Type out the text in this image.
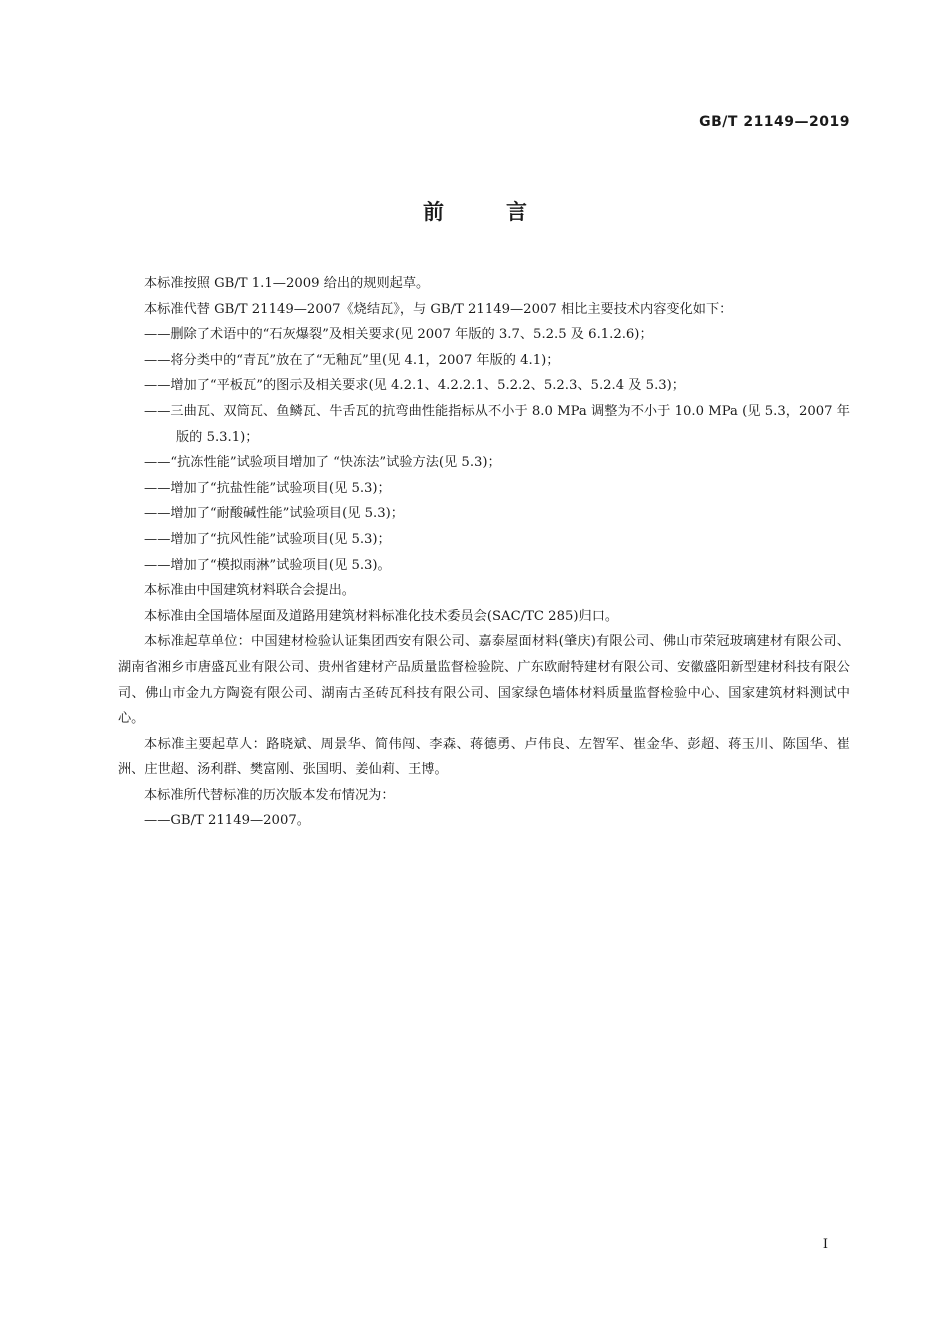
GB/T 21149—2019
前	言

本标准按照 GB/T 1.1—2009 给出的规则起草。

本标准代替 GB/T 21149—2007《烧结瓦》，与 GB/T 21149—2007 相比主要技术内容变化如下：

——删除了术语中的“石灰爆裂”及相关要求(见 2007 年版的 3.7、5.2.5 及 6.1.2.6)；

——将分类中的“青瓦”放在了“无釉瓦”里(见 4.1，2007 年版的 4.1)；

——增加了“平板瓦”的图示及相关要求(见 4.2.1、4.2.2.1、5.2.2、5.2.3、5.2.4 及 5.3)；

——三曲瓦、双筒瓦、鱼鳞瓦、牛舌瓦的抗弯曲性能指标从不小于 8.0 MPa 调整为不小于 10.0 MPa (见 5.3，2007 年版的 5.3.1)；

——“抗冻性能”试验项目增加了 “快冻法”试验方法(见 5.3)；

——增加了“抗盐性能”试验项目(见 5.3)；

——增加了“耐酸碱性能”试验项目(见 5.3)；

——增加了“抗风性能”试验项目(见 5.3)；

——增加了“模拟雨淋”试验项目(见 5.3)。

本标准由中国建筑材料联合会提出。

本标准由全国墙体屋面及道路用建筑材料标准化技术委员会(SAC/TC 285)归口。

本标准起草单位：中国建材检验认证集团西安有限公司、嘉泰屋面材料(肇庆)有限公司、佛山市荣冠玻璃建材有限公司、湖南省湘乡市唐盛瓦业有限公司、贵州省建材产品质量监督检验院、广东欧耐特建材有限公司、安徽盛阳新型建材科技有限公司、佛山市金九方陶瓷有限公司、湖南古圣砖瓦科技有限公司、国家绿色墙体材料质量监督检验中心、国家建筑材料测试中心。

本标准主要起草人：路晓斌、周景华、简伟闯、李森、蒋德勇、卢伟良、左智军、崔金华、彭超、蒋玉川、陈国华、崔洲、庄世超、汤利群、樊富刚、张国明、姜仙莉、王博。

本标准所代替标准的历次版本发布情况为：

——GB/T 21149—2007。

I
